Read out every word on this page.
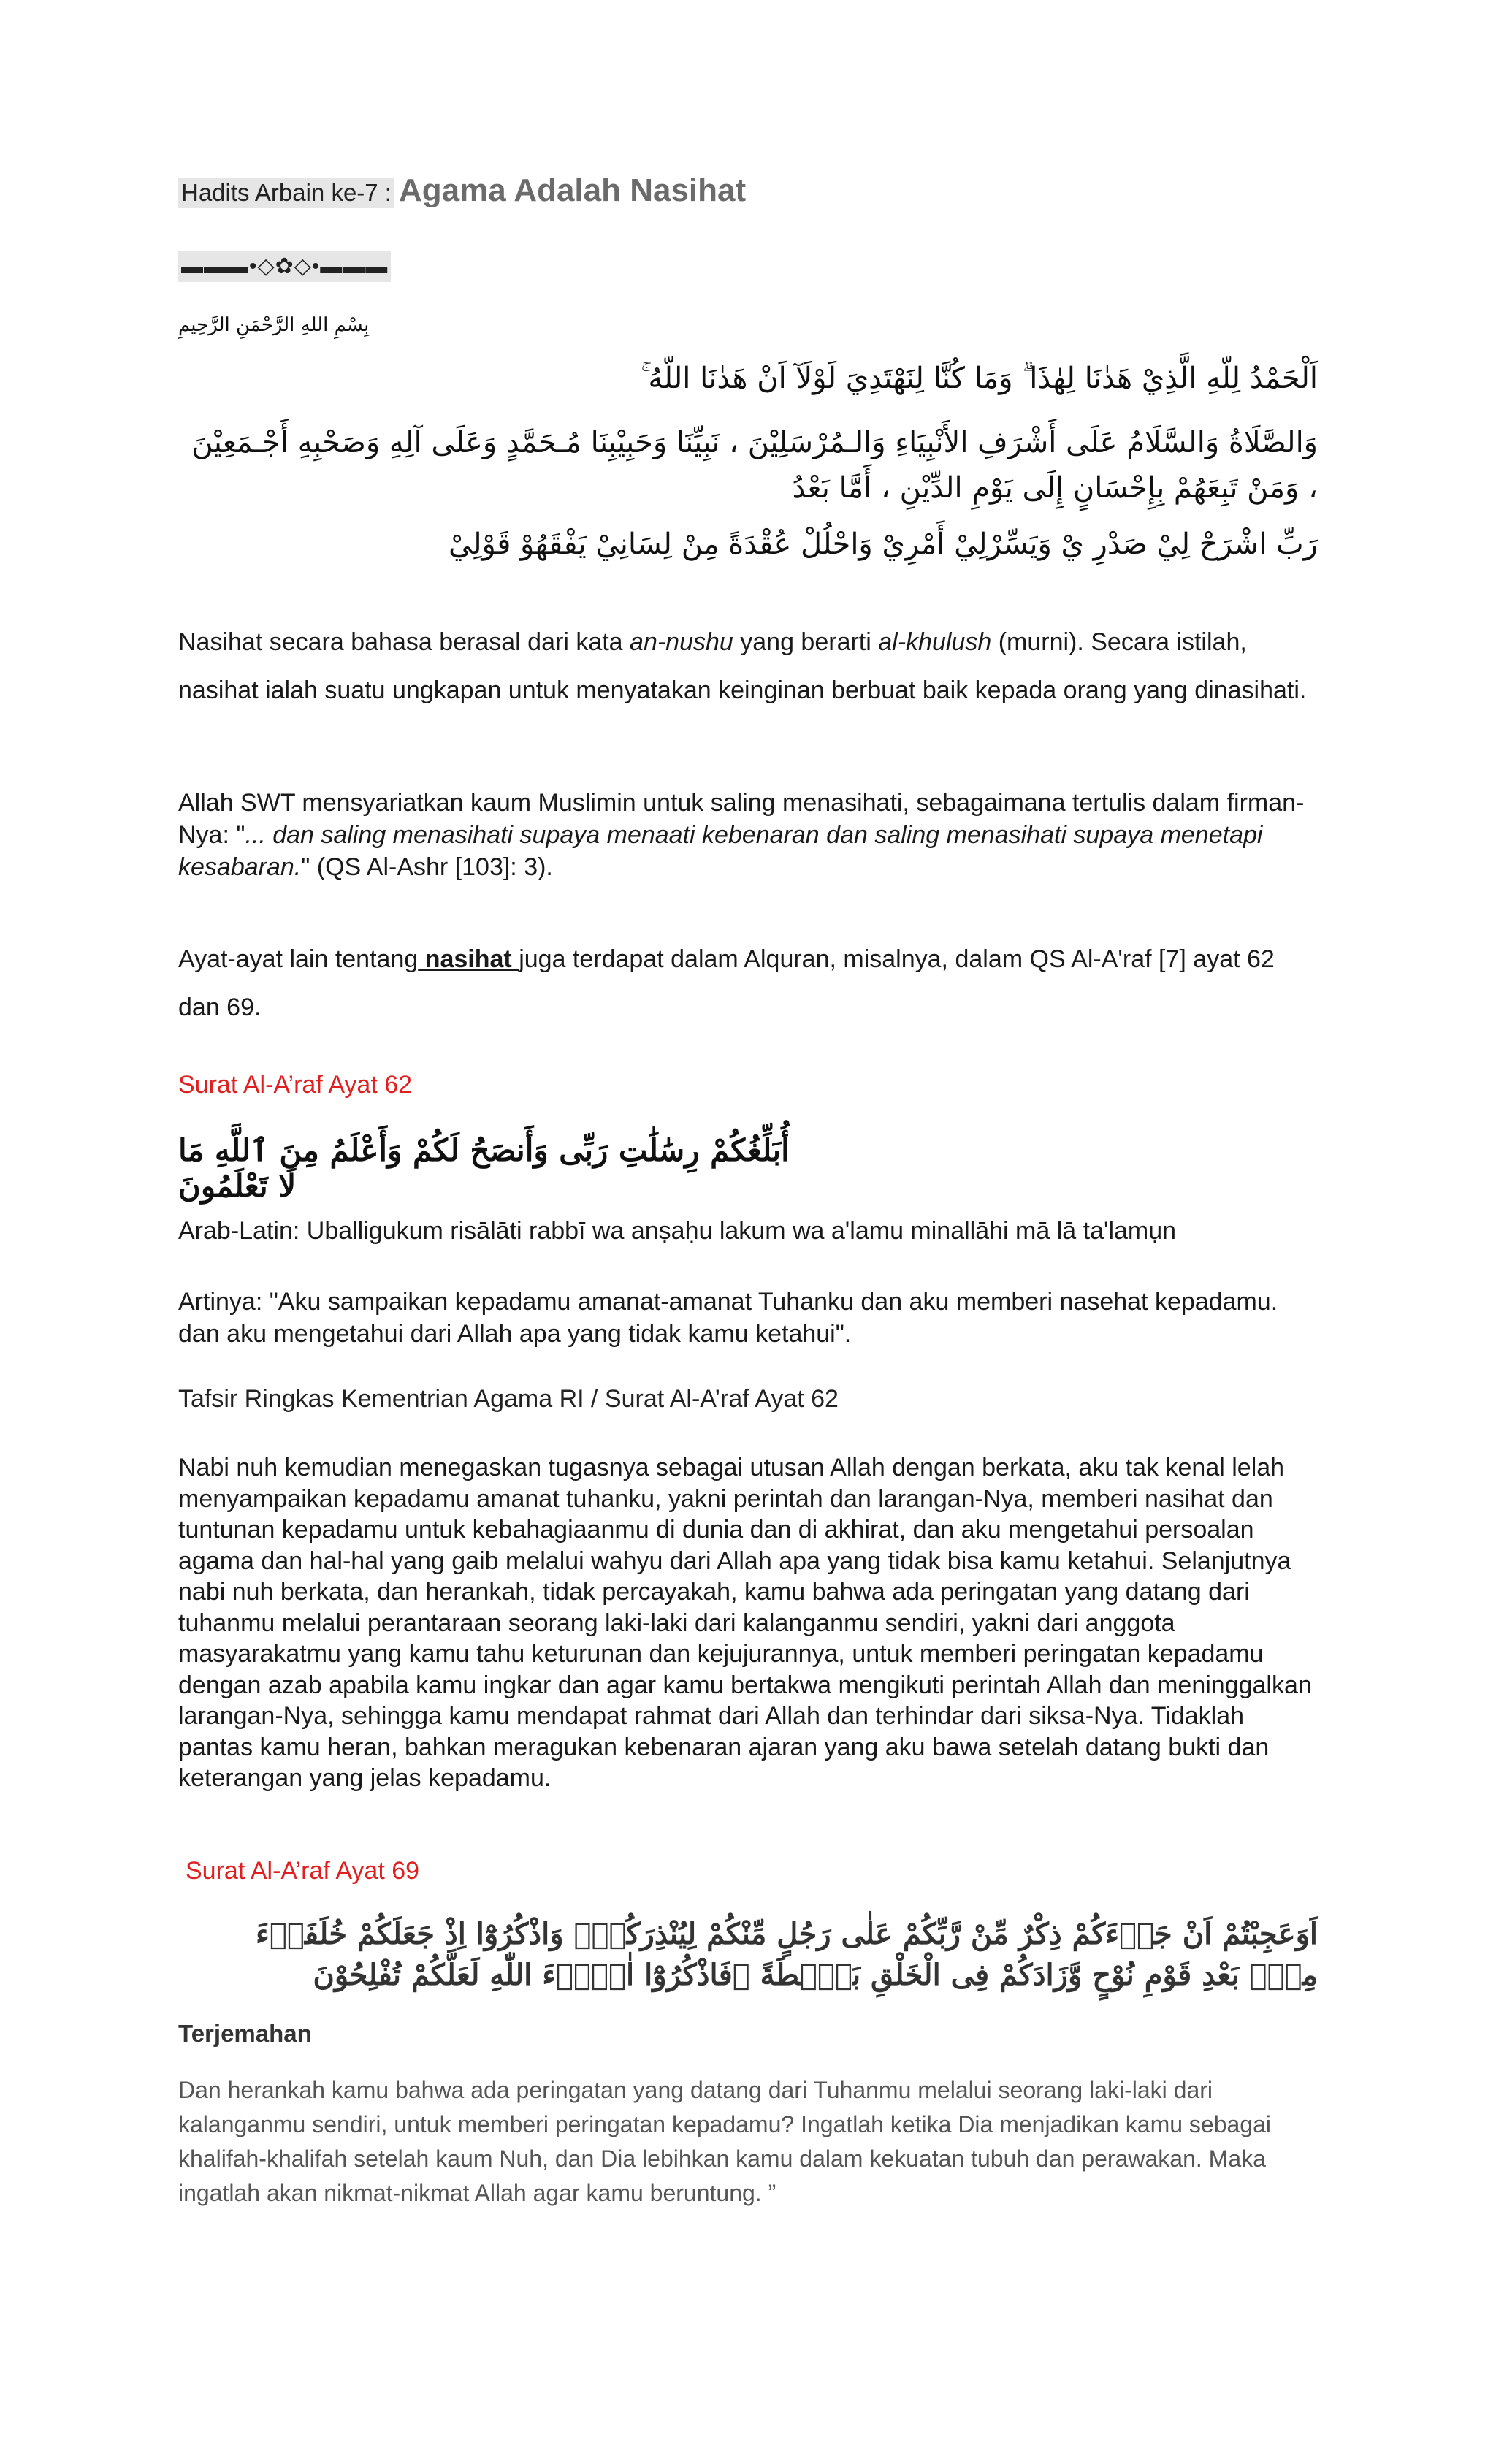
Hadits Arbain ke-7 : Agama Adalah Nasihat
▬▬▬•◇✿◇•▬▬▬
بِسْمِ اللهِ الرَّحْمَنِ الرَّحِيمِ
اَلْحَمْدُ لِلّهِ الَّذِيْ هَدٰنَا لِهٰذَا ۗ وَمَا كُنَّا لِنَهْتَدِيَ لَوْلَآ اَنْ هَدٰنَا اللّهُ ۚ
وَالصَّلَاةُ وَالسَّلَامُ عَلَى أَشْرَفِ الأَنْبِيَاءِ وَالـمُرْسَلِيْنَ ، نَبِيِّنَا وَحَبِيْبِنَا مُـحَمَّدٍ وَعَلَى آلِهِ وَصَحْبِهِ أَجْـمَعِيْنَ ، وَمَنْ تَبِعَهُمْ بِإِحْسَانٍ إِلَى يَوْمِ الدِّيْنِ ، أَمَّا بَعْدُ
رَبِّ اشْرَحْ لِيْ صَدْرِ يْ وَيَسِّرْلِيْ أَمْرِيْ وَاحْلُلْ عُقْدَةً مِنْ لِسَانِيْ يَفْقَهُوْ قَوْلِيْ
Nasihat secara bahasa berasal dari kata an-nushu yang berarti al-khulush (murni). Secara istilah, nasihat ialah suatu ungkapan untuk menyatakan keinginan berbuat baik kepada orang yang dinasihati.
Allah SWT mensyariatkan kaum Muslimin untuk saling menasihati, sebagaimana tertulis dalam firman-Nya: "... dan saling menasihati supaya menaati kebenaran dan saling menasihati supaya menetapi kesabaran." (QS Al-Ashr [103]: 3).
Ayat-ayat lain tentang nasihat juga terdapat dalam Alquran, misalnya, dalam QS Al-A'raf [7] ayat 62 dan 69.
Surat Al-A’raf Ayat 62
أُبَلِّغُكُمْ رِسَٰلَٰتِ رَبِّى وَأَنصَحُ لَكُمْ وَأَعْلَمُ مِنَ ٱللَّهِ مَا لَا تَعْلَمُونَ
Arab-Latin: Uballigukum risālāti rabbī wa anṣaḥu lakum wa a'lamu minallāhi mā lā ta'lamụn
Artinya: "Aku sampaikan kepadamu amanat-amanat Tuhanku dan aku memberi nasehat kepadamu. dan aku mengetahui dari Allah apa yang tidak kamu ketahui".
Tafsir Ringkas Kementrian Agama RI / Surat Al-A’raf Ayat 62
Nabi nuh kemudian menegaskan tugasnya sebagai utusan Allah dengan berkata, aku tak kenal lelah menyampaikan kepadamu amanat tuhanku, yakni perintah dan larangan-Nya, memberi nasihat dan tuntunan kepadamu untuk kebahagiaanmu di dunia dan di akhirat, dan aku mengetahui persoalan agama dan hal-hal yang gaib melalui wahyu dari Allah apa yang tidak bisa kamu ketahui. Selanjutnya nabi nuh berkata, dan herankah, tidak percayakah, kamu bahwa ada peringatan yang datang dari tuhanmu melalui perantaraan seorang laki-laki dari kalanganmu sendiri, yakni dari anggota masyarakatmu yang kamu tahu keturunan dan kejujurannya, untuk memberi peringatan kepadamu dengan azab apabila kamu ingkar dan agar kamu bertakwa mengikuti perintah Allah dan meninggalkan larangan-Nya, sehingga kamu mendapat rahmat dari Allah dan terhindar dari siksa-Nya. Tidaklah pantas kamu heran, bahkan meragukan kebenaran ajaran yang aku bawa setelah datang bukti dan keterangan yang jelas kepadamu.
Surat Al-A’raf Ayat 69
اَوَعَجِبْتُمْ اَنْ جَاۤءَكُمْ ذِكْرٌ مِّنْ رَّبِّكُمْ عَلٰى رَجُلٍ مِّنْكُمْ لِيُنْذِرَكُمْۗ وَاذْكُرُوْٓا اِذْ جَعَلَكُمْ خُلَفَاۤءَ مِنْۢ بَعْدِ قَوْمِ نُوْحٍ وَّزَادَكُمْ فِى الْخَلْقِ بَصْۣطَةً ۚفَاذْكُرُوْٓا اٰلَاۤءَ اللّٰهِ لَعَلَّكُمْ تُفْلِحُوْنَ
Terjemahan
Dan herankah kamu bahwa ada peringatan yang datang dari Tuhanmu melalui seorang laki-laki dari kalanganmu sendiri, untuk memberi peringatan kepadamu? Ingatlah ketika Dia menjadikan kamu sebagai khalifah-khalifah setelah kaum Nuh, dan Dia lebihkan kamu dalam kekuatan tubuh dan perawakan. Maka ingatlah akan nikmat-nikmat Allah agar kamu beruntung. ”
